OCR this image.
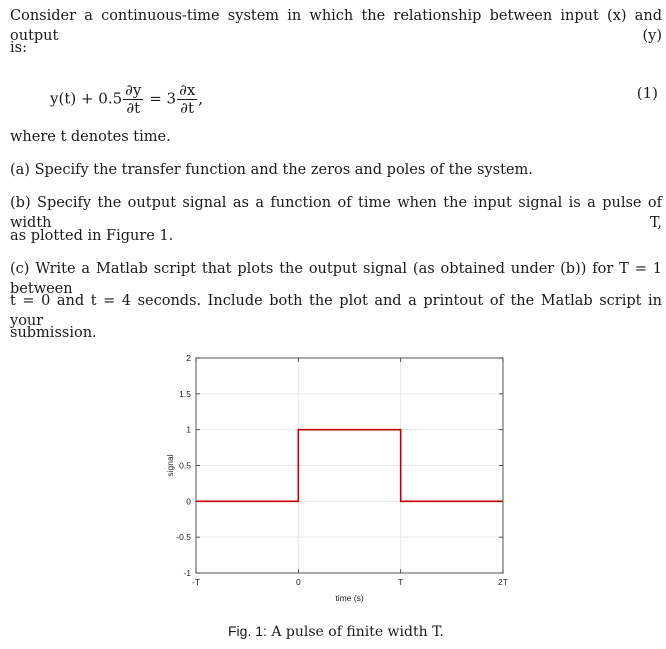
Consider a continuous-time system in which the relationship between input (x) and output (y)
is:
$y(t) + 0.5 \frac{\partial y}{\partial t} = 3 \frac{\partial x}{\partial t}$ ,	(1)
where t denotes time.
(a) Specify the transfer function and the zeros and poles of the system.
(b) Specify the output signal as a function of time when the input signal is a pulse of width T,
as plotted in Figure 1.
(c) Write a Matlab script that plots the output signal (as obtained under (b)) for T = 1 between
t = 0 and t = 4 seconds. Include both the plot and a printout of the Matlab script in your
submission.
-T	0	T	2T
-1
-0.5
0
0.5
1
1.5
2
time (s)
signal
Fig. 1: A pulse of finite width T.
